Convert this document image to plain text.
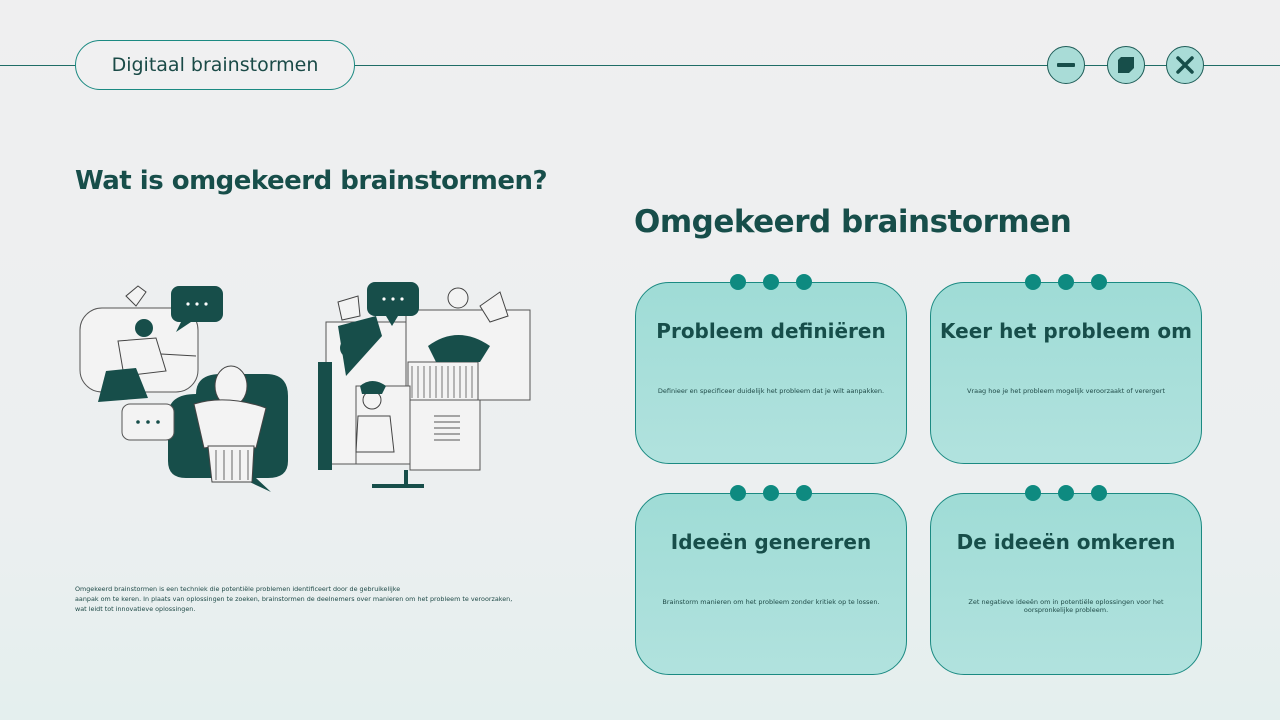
Digitaal brainstormen
Wat is omgekeerd brainstormen?
Omgekeerd brainstormen is een techniek die potentiële problemen identificeert door de gebruikelijke
aanpak om te keren. In plaats van oplossingen te zoeken, brainstormen de deelnemers over manieren om het probleem te veroorzaken,
wat leidt tot innovatieve oplossingen.
Omgekeerd brainstormen
Probleem definiëren
Definieer en specificeer duidelijk het probleem dat je wilt aanpakken.
Keer het probleem om
Vraag hoe je het probleem mogelijk veroorzaakt of verergert
Ideeën genereren
Brainstorm manieren om het probleem zonder kritiek op te lossen.
De ideeën omkeren
Zet negatieve ideeën om in potentiële oplossingen voor het oorspronkelijke probleem.
